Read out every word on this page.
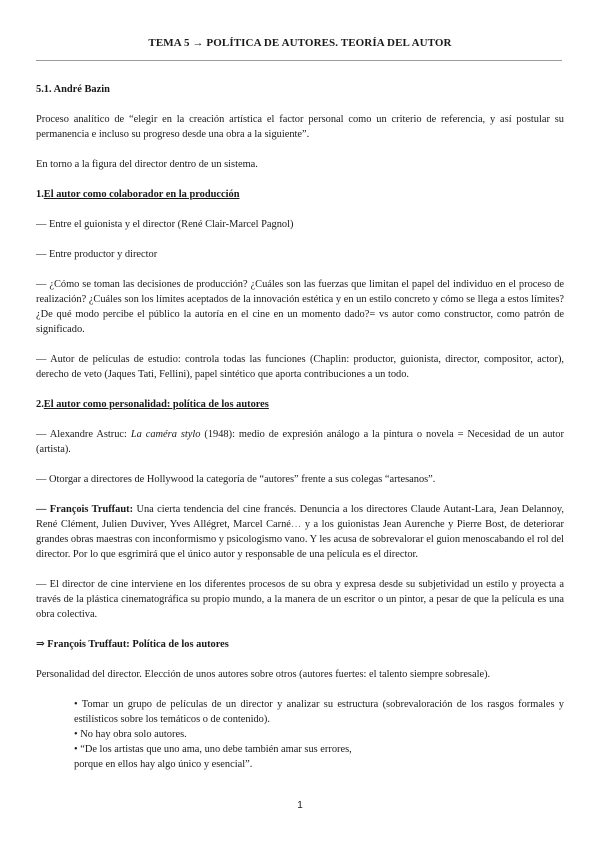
TEMA 5 → POLÍTICA DE AUTORES. TEORÍA DEL AUTOR

5.1. André Bazin

Proceso analítico de “elegir en la creación artística el factor personal como un criterio de referencia, y así postular su permanencia e incluso su progreso desde una obra a la siguiente”.

En torno a la figura del director dentro de un sistema.

1.El autor como colaborador en la producción

— Entre el guionista y el director (René Clair-Marcel Pagnol)

— Entre productor y director

— ¿Cómo se toman las decisiones de producción? ¿Cuáles son las fuerzas que limitan el papel del individuo en el proceso de realización? ¿Cuáles son los límites aceptados de la innovación estética y en un estilo concreto y cómo se llega a estos límites? ¿De qué modo percibe el público la autoría en el cine en un momento dado?= vs autor como constructor, como patrón de significado.

— Autor de películas de estudio: controla todas las funciones (Chaplin: productor, guionista, director, compositor, actor), derecho de veto (Jaques Tati, Fellini), papel sintético que aporta contribuciones a un todo.

2.El autor como personalidad: política de los autores

— Alexandre Astruc: La caméra stylo (1948): medio de expresión análogo a la pintura o novela = Necesidad de un autor (artista).

— Otorgar a directores de Hollywood la categoría de “autores” frente a sus colegas “artesanos”.

— François Truffaut: Una cierta tendencia del cine francés. Denuncia a los directores Claude Autant-Lara, Jean Delannoy, René Clément, Julien Duviver, Yves Allégret, Marcel Carné… y a los guionistas Jean Aurenche y Pierre Bost, de deteriorar grandes obras maestras con inconformismo y psicologismo vano. Y les acusa de sobrevalorar el guion menoscabando el rol del director. Por lo que esgrimirá que el único autor y responsable de una película es el director.

— El director de cine interviene en los diferentes procesos de su obra y expresa desde su subjetividad un estilo y proyecta a través de la plástica cinematográfica su propio mundo, a la manera de un escritor o un pintor, a pesar de que la película es una obra colectiva.

⇒ François Truffaut: Política de los autores

Personalidad del director. Elección de unos autores sobre otros (autores fuertes: el talento siempre sobresale).

• Tomar un grupo de películas de un director y analizar su estructura (sobrevaloración de los rasgos formales y estilísticos sobre los temáticos o de contenido).

• No hay obra solo autores.

• “De los artistas que uno ama, uno debe también amar sus errores,

porque en ellos hay algo único y esencial”.

1
